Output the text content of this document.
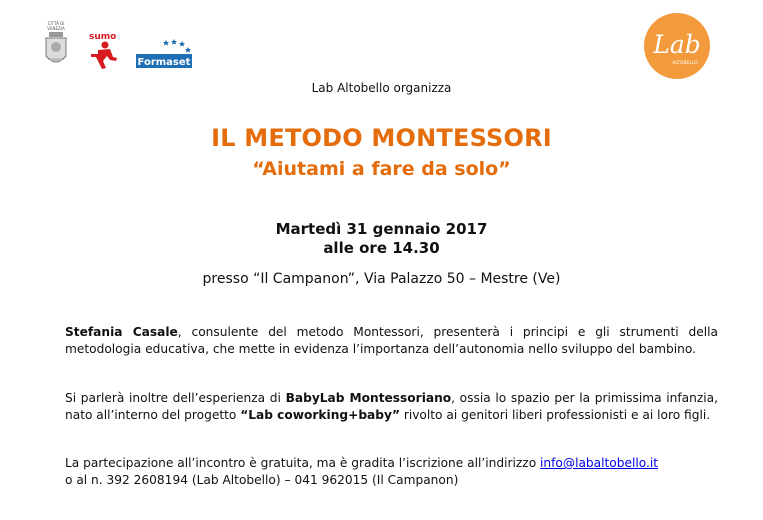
CITTÀ DI
VENEZIA
sumo
Formaset
Lab
ALTOBELLO
Lab Altobello organizza
IL METODO MONTESSORI
“Aiutami a fare da solo”
Martedì 31 gennaio 2017
alle ore 14.30
presso “Il Campanon”, Via Palazzo 50 – Mestre (Ve)
Stefania Casale, consulente del metodo Montessori, presenterà i principi e gli strumenti della metodologia educativa, che mette in evidenza l’importanza dell’autonomia nello sviluppo del bambino.
Si parlerà inoltre dell’esperienza di BabyLab Montessoriano, ossia lo spazio per la primissima infanzia, nato all’interno del progetto “Lab coworking+baby” rivolto ai genitori liberi professionisti e ai loro figli.
La partecipazione all’incontro è gratuita, ma è gradita l’iscrizione all’indirizzo info@labaltobello.it
o al n. 392 2608194 (Lab Altobello) – 041 962015 (Il Campanon)
